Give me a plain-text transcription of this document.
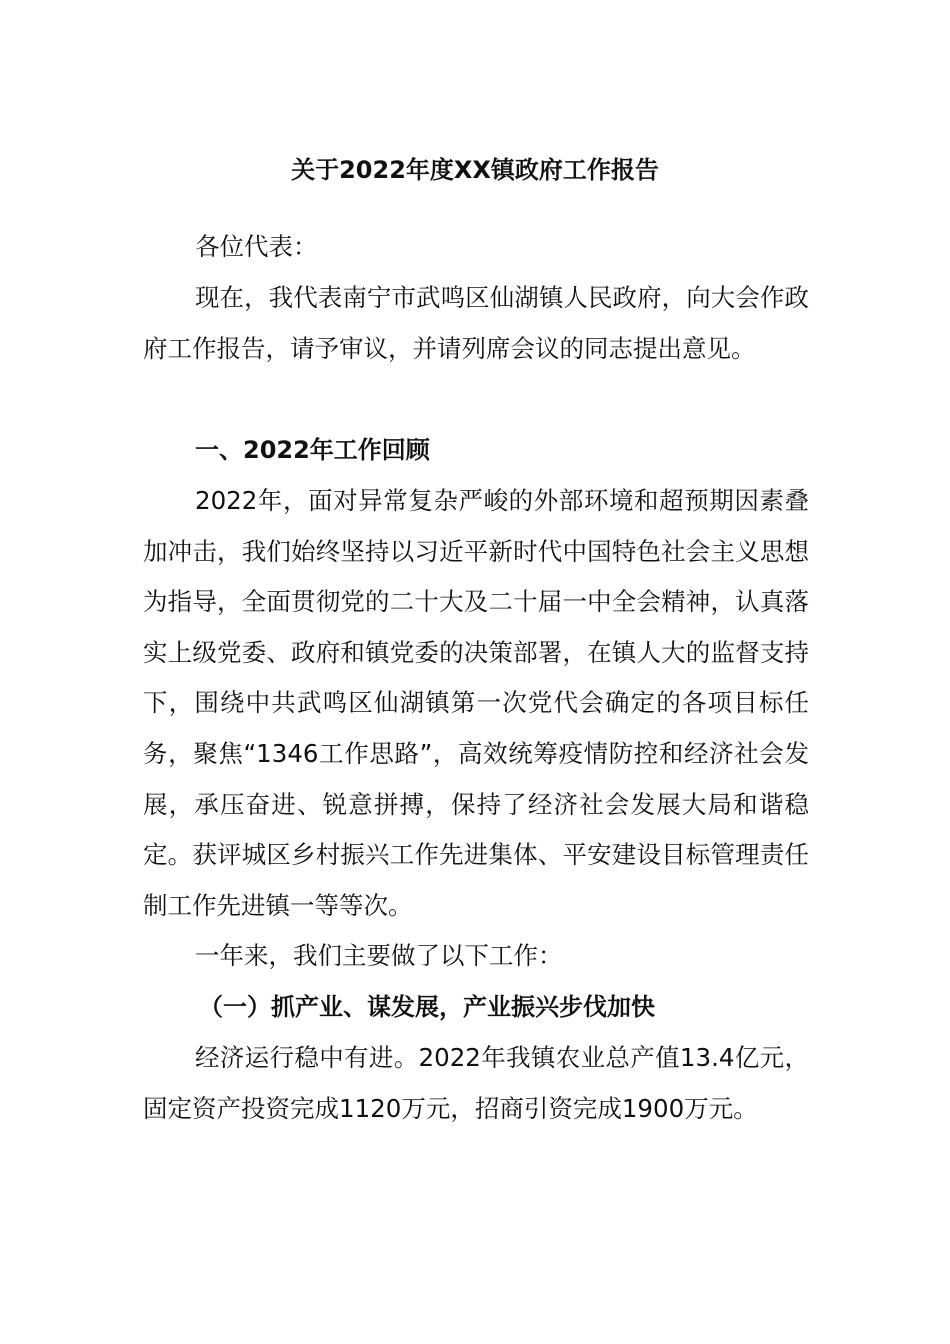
关于2022年度XX镇政府工作报告

各位代表：

现在，我代表南宁市武鸣区仙湖镇人民政府，向大会作政府工作报告，请予审议，并请列席会议的同志提出意见。

一、2022年工作回顾

2022年，面对异常复杂严峻的外部环境和超预期因素叠加冲击，我们始终坚持以习近平新时代中国特色社会主义思想为指导，全面贯彻党的二十大及二十届一中全会精神，认真落实上级党委、政府和镇党委的决策部署，在镇人大的监督支持下，围绕中共武鸣区仙湖镇第一次党代会确定的各项目标任务，聚焦“1346工作思路”，高效统筹疫情防控和经济社会发展，承压奋进、锐意拼搏，保持了经济社会发展大局和谐稳定。获评城区乡村振兴工作先进集体、平安建设目标管理责任制工作先进镇一等等次。

一年来，我们主要做了以下工作：

（一）抓产业、谋发展，产业振兴步伐加快

经济运行稳中有进。2022年我镇农业总产值13.4亿元，固定资产投资完成1120万元，招商引资完成1900万元。
